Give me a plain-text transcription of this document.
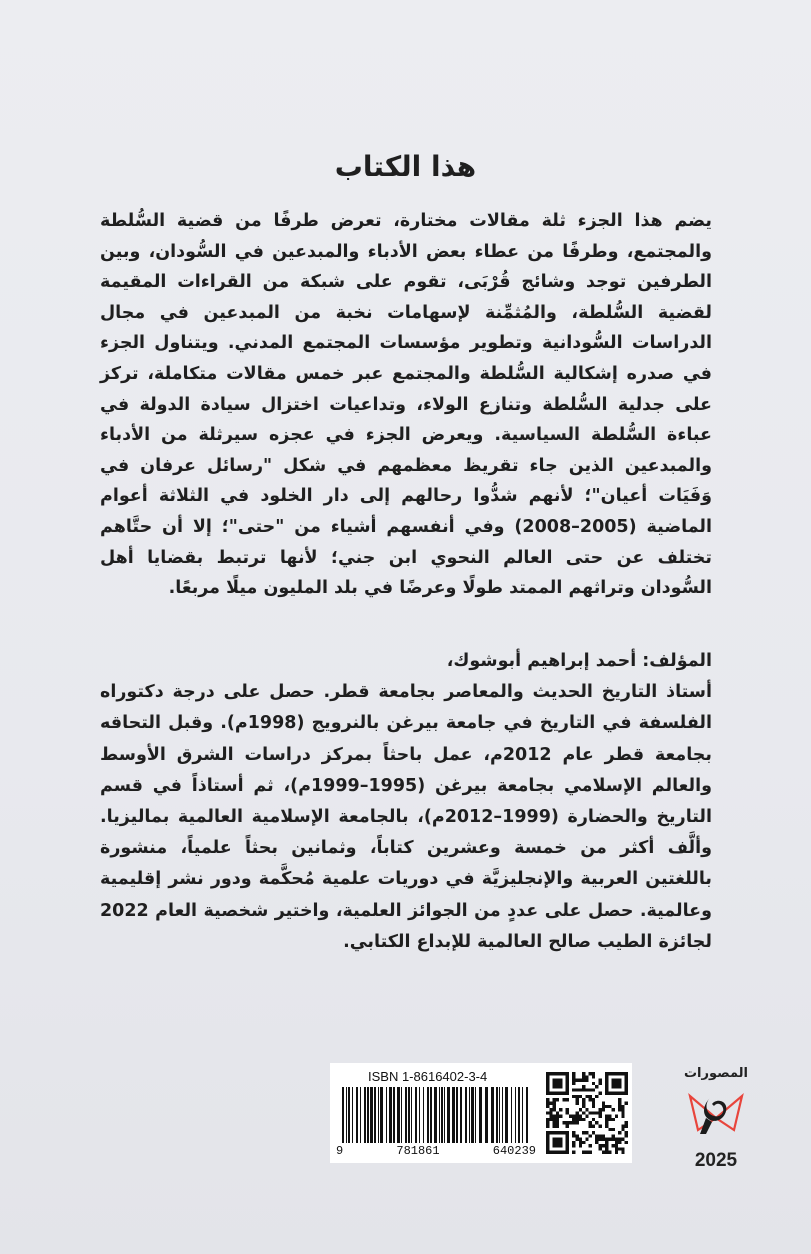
هذا الكتاب
يضم هذا الجزء ثلة مقالات مختارة، تعرض طرفًا من قضية السُّلطة والمجتمع، وطرفًا من عطاء بعض الأدباء والمبدعين في السُّودان، وبين الطرفين توجد وشائج قُرْبَى، تقوم على شبكة من القراءات المقيمة لقضية السُّلطة، والمُثمِّنة لإسهامات نخبة من المبدعين في مجال الدراسات السُّودانية وتطوير مؤسسات المجتمع المدني. ويتناول الجزء في صدره إشكالية السُّلطة والمجتمع عبر خمس مقالات متكاملة، تركز على جدلية السُّلطة وتنازع الولاء، وتداعيات اختزال سيادة الدولة في عباءة السُّلطة السياسية. ويعرض الجزء في عجزه سيرثلة من الأدباء والمبدعين الذين جاء تقريظ معظمهم في شكل "رسائل عرفان في وَفَيَات أعيان"؛ لأنهم شدُّوا رحالهم إلى دار الخلود في الثلاثة أعوام الماضية (2005–2008) وفي أنفسهم أشياء من "حتى"؛ إلا أن حتَّاهم تختلف عن حتى العالم النحوي ابن جني؛ لأنها ترتبط بقضايا أهل السُّودان وتراثهم الممتد طولًا وعرضًا في بلد المليون ميلًا مربعًا.
المؤلف: أحمد إبراهيم أبوشوك،
أستاذ التاريخ الحديث والمعاصر بجامعة قطر. حصل على درجة دكتوراه الفلسفة في التاريخ في جامعة بيرغن بالنرويج (1998م). وقبل التحاقه بجامعة قطر عام 2012م، عمل باحثاً بمركز دراسات الشرق الأوسط والعالم الإسلامي بجامعة بيرغن (1995–1999م)، ثم أستاذاً في قسم التاريخ والحضارة (1999–2012م)، بالجامعة الإسلامية العالمية بماليزيا. وألَّف أكثر من خمسة وعشرين كتاباً، وثمانين بحثاً علمياً، منشورة باللغتين العربية والإنجليزيَّة في دوريات علمية مُحكَّمة ودور نشر إقليمية وعالمية. حصل على عددٍ من الجوائز العلمية، واختير شخصية العام 2022 لجائزة الطيب صالح العالمية للإبداع الكتابي.
ISBN 1-8616402-3-4
9	781861	640239
المصورات
2025
